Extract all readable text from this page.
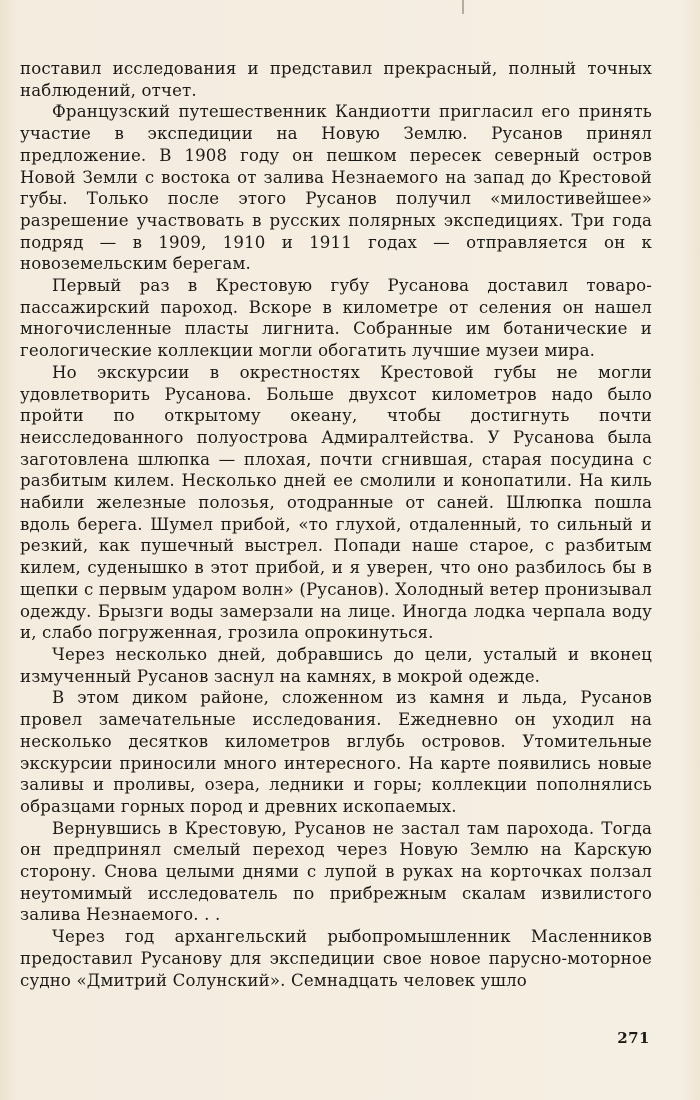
поставил исследования и представил прекрасный, полный точных наблюдений, отчет.

Французский путешественник Кандиотти пригласил его принять участие в экспедиции на Новую Землю. Русанов принял предложение. В 1908 году он пешком пересек северный остров Новой Земли с востока от залива Незнаемого на запад до Крестовой губы. Только после этого Русанов получил «милостивейшее» разрешение участвовать в русских полярных экспедициях. Три года подряд — в 1909, 1910 и 1911 годах — отправляется он к новоземельским берегам.

Первый раз в Крестовую губу Русанова доставил товаро-пассажирский пароход. Вскоре в километре от селения он нашел многочисленные пласты лигнита. Собранные им ботанические и геологические коллекции могли обогатить лучшие музеи мира.

Но экскурсии в окрестностях Крестовой губы не могли удовлетворить Русанова. Больше двухсот километров надо было пройти по открытому океану, чтобы достигнуть почти неисследованного полуострова Адмиралтейства. У Русанова была заготовлена шлюпка — плохая, почти сгнившая, старая посудина с разбитым килем. Несколько дней ее смолили и конопатили. На киль набили железные полозья, отодранные от саней. Шлюпка пошла вдоль берега. Шумел прибой, «то глухой, отдаленный, то сильный и резкий, как пушечный выстрел. Попади наше старое, с разбитым килем, суденышко в этот прибой, и я уверен, что оно разбилось бы в щепки с первым ударом волн» (Русанов). Холодный ветер пронизывал одежду. Брызги воды замерзали на лице. Иногда лодка черпала воду и, слабо погруженная, грозила опрокинуться.

Через несколько дней, добравшись до цели, усталый и вконец измученный Русанов заснул на камнях, в мокрой одежде.

В этом диком районе, сложенном из камня и льда, Русанов провел замечательные исследования. Ежедневно он уходил на несколько десятков километров вглубь островов. Утомительные экскурсии приносили много интересного. На карте появились новые заливы и проливы, озера, ледники и горы; коллекции пополнялись образцами горных пород и древних ископаемых.

Вернувшись в Крестовую, Русанов не застал там парохода. Тогда он предпринял смелый переход через Новую Землю на Карскую сторону. Снова целыми днями с лупой в руках на корточках ползал неутомимый исследователь по прибрежным скалам извилистого залива Незнаемого. . .

Через год архангельский рыбопромышленник Масленников предоставил Русанову для экспедиции свое новое парусно-моторное судно «Дмитрий Солунский». Семнадцать человек ушло

271
